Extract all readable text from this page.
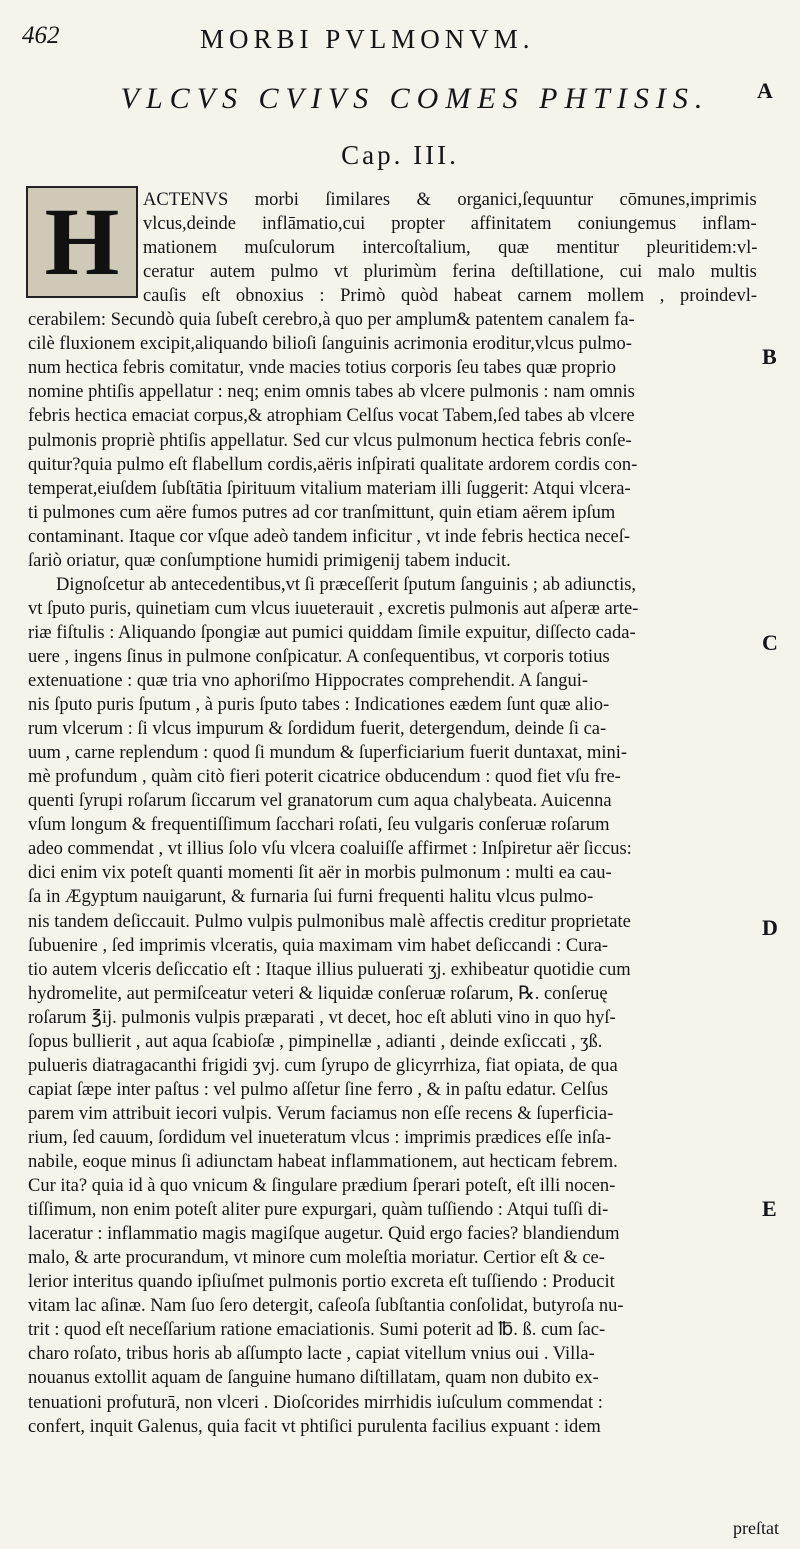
462	MORBI PVLMONVM.
VLCVS CVIVS COMES PHTISIS.
Cap. III.
A
B
C
D
E
H ACTENVS morbi ſimilares & organici,ſequuntur cōmunes,imprimis
vlcus,deinde inflāmatio,cui propter affinitatem coniungemus inflam-
mationem muſculorum intercoſtalium, quæ mentitur pleuritidem:vl-
ceratur autem pulmo vt plurimùm ferina deſtillatione, cui malo multis
cauſis eſt obnoxius : Primò quòd habeat carnem mollem , proindevl-
cerabilem: Secundò quia ſubeſt cerebro,à quo per amplum& patentem canalem fa-
cilè fluxionem excipit,aliquando bilioſi ſanguinis acrimonia eroditur,vlcus pulmo-
num hectica febris comitatur, vnde macies totius corporis ſeu tabes quæ proprio
nomine phtiſis appellatur : neq; enim omnis tabes ab vlcere pulmonis : nam omnis
febris hectica emaciat corpus,& atrophiam Celſus vocat Tabem,ſed tabes ab vlcere
pulmonis propriè phtiſis appellatur. Sed cur vlcus pulmonum hectica febris conſe-
quitur?quia pulmo eſt flabellum cordis,aëris inſpirati qualitate ardorem cordis con-
temperat,eiuſdem ſubſtātia ſpirituum vitalium materiam illi ſuggerit: Atqui vlcera-
ti pulmones cum aëre fumos putres ad cor tranſmittunt, quin etiam aërem ipſum
contaminant. Itaque cor vſque adeò tandem inficitur , vt inde febris hectica neceſ-
ſariò oriatur, quæ conſumptione humidi primigenij tabem inducit.
Dignoſcetur ab antecedentibus,vt ſi præceſſerit ſputum ſanguinis ; ab adiunctis,
vt ſputo puris, quinetiam cum vlcus iuueterauit , excretis pulmonis aut aſperæ arte-
riæ fiſtulis : Aliquando ſpongiæ aut pumici quiddam ſimile expuitur, diſſecto cada-
uere , ingens ſinus in pulmone conſpicatur. A conſequentibus, vt corporis totius
extenuatione : quæ tria vno aphoriſmo Hippocrates comprehendit. A ſangui-
nis ſputo puris ſputum , à puris ſputo tabes : Indicationes eædem ſunt quæ alio-
rum vlcerum : ſi vlcus impurum & ſordidum fuerit, detergendum, deinde ſi ca-
uum , carne replendum : quod ſi mundum & ſuperficiarium fuerit duntaxat, mini-
mè profundum , quàm citò fieri poterit cicatrice obducendum : quod fiet vſu fre-
quenti ſyrupi roſarum ſiccarum vel granatorum cum aqua chalybeata. Auicenna
vſum longum & frequentiſſimum ſacchari roſati, ſeu vulgaris conſeruæ roſarum
adeo commendat , vt illius ſolo vſu vlcera coaluiſſe affirmet : Inſpiretur aër ſiccus:
dici enim vix poteſt quanti momenti ſit aër in morbis pulmonum : multi ea cau-
ſa in Ægyptum nauigarunt, & furnaria ſui furni frequenti halitu vlcus pulmo-
nis tandem deſiccauit. Pulmo vulpis pulmonibus malè affectis creditur proprietate
ſubuenire , ſed imprimis vlceratis, quia maximam vim habet deſiccandi : Cura-
tio autem vlceris deſiccatio eſt : Itaque illius puluerati ʒj. exhibeatur quotidie cum
hydromelite, aut permiſceatur veteri & liquidæ conſeruæ roſarum, ℞. conſeruę
roſarum ℥ij. pulmonis vulpis præparati , vt decet, hoc eſt abluti vino in quo hyſ-
ſopus bullierit , aut aqua ſcabioſæ , pimpinellæ , adianti , deinde exſiccati , ʒß.
pulueris diatragacanthi frigidi ʒvj. cum ſyrupo de glicyrrhiza, fiat opiata, de qua
capiat ſæpe inter paſtus : vel pulmo aſſetur ſine ferro , & in paſtu edatur. Celſus
parem vim attribuit iecori vulpis. Verum faciamus non eſſe recens & ſuperficia-
rium, ſed cauum, ſordidum vel inueteratum vlcus : imprimis prædices eſſe inſa-
nabile, eoque minus ſi adiunctam habeat inflammationem, aut hecticam febrem.
Cur ita? quia id à quo vnicum & ſingulare prædium ſperari poteſt, eſt illi nocen-
tiſſimum, non enim poteſt aliter pure expurgari, quàm tuſſiendo : Atqui tuſſi di-
laceratur : inflammatio magis magiſque augetur. Quid ergo facies? blandiendum
malo, & arte procurandum, vt minore cum moleſtia moriatur. Certior eſt & ce-
lerior interitus quando ipſiuſmet pulmonis portio excreta eſt tuſſiendo : Producit
vitam lac aſinæ. Nam ſuo ſero detergit, caſeoſa ſubſtantia conſolidat, butyroſa nu-
trit : quod eſt neceſſarium ratione emaciationis. Sumi poterit ad ℔. ß. cum ſac-
charo roſato, tribus horis ab aſſumpto lacte , capiat vitellum vnius oui . Villa-
nouanus extollit aquam de ſanguine humano diſtillatam, quam non dubito ex-
tenuationi profuturā, non vlceri . Dioſcorides mirrhidis iuſculum commendat :
confert, inquit Galenus, quia facit vt phtiſici purulenta facilius expuant : idem
preſtat
